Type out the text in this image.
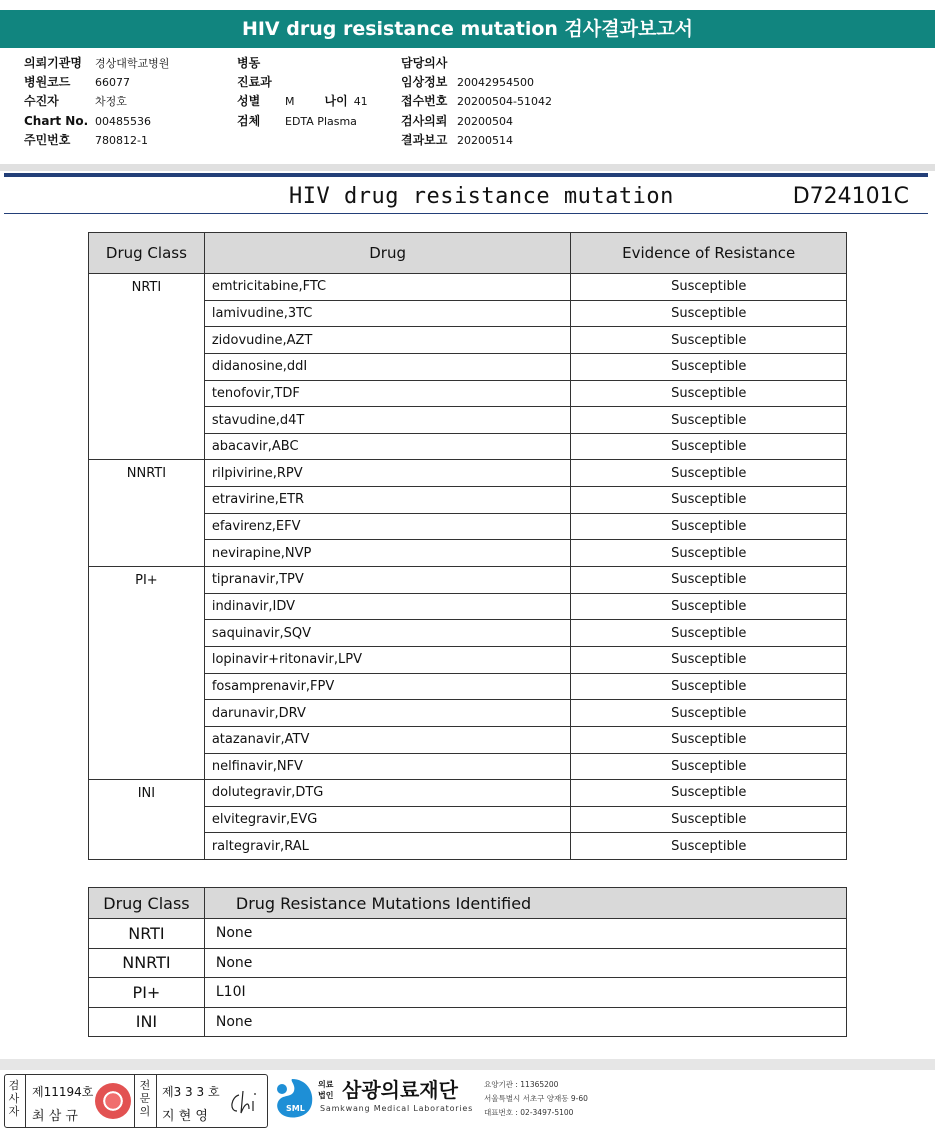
HIV drug resistance mutation 검사결과보고서
의뢰기관명 경상대학교병원
병원코드 66077
수진자	차정호
Chart No. 00485536
주민번호 780812-1
병동
진료과
성별 M	나이 41
검체 EDTA Plasma
담당의사
임상정보 20042954500
접수번호 20200504-51042
검사의뢰 20200504
결과보고 20200514
HIV drug resistance mutation	D724101C
Drug Class	Drug	Evidence of Resistance
NRTI	emtricitabine,FTC	Susceptible
	lamivudine,3TC	Susceptible
	zidovudine,AZT	Susceptible
	didanosine,ddI	Susceptible
	tenofovir,TDF	Susceptible
	stavudine,d4T	Susceptible
	abacavir,ABC	Susceptible
NNRTI	rilpivirine,RPV	Susceptible
	etravirine,ETR	Susceptible
	efavirenz,EFV	Susceptible
	nevirapine,NVP	Susceptible
PI+	tipranavir,TPV	Susceptible
	indinavir,IDV	Susceptible
	saquinavir,SQV	Susceptible
	lopinavir+ritonavir,LPV	Susceptible
	fosamprenavir,FPV	Susceptible
	darunavir,DRV	Susceptible
	atazanavir,ATV	Susceptible
	nelfinavir,NFV	Susceptible
INI	dolutegravir,DTG	Susceptible
	elvitegravir,EVG	Susceptible
	raltegravir,RAL	Susceptible
Drug Class	Drug Resistance Mutations Identified
NRTI	None
NNRTI	None
PI+	L10I
INI	None
검
사
자
제11194호
최 삼 규
전
문
의
제3 3 3 호
지 현 영
SML
의료
법인 삼광의료재단
Samkwang Medical Laboratories
요양기관 : 11365200
서울특별시 서초구 양재동 9-60
대표번호 : 02-3497-5100
